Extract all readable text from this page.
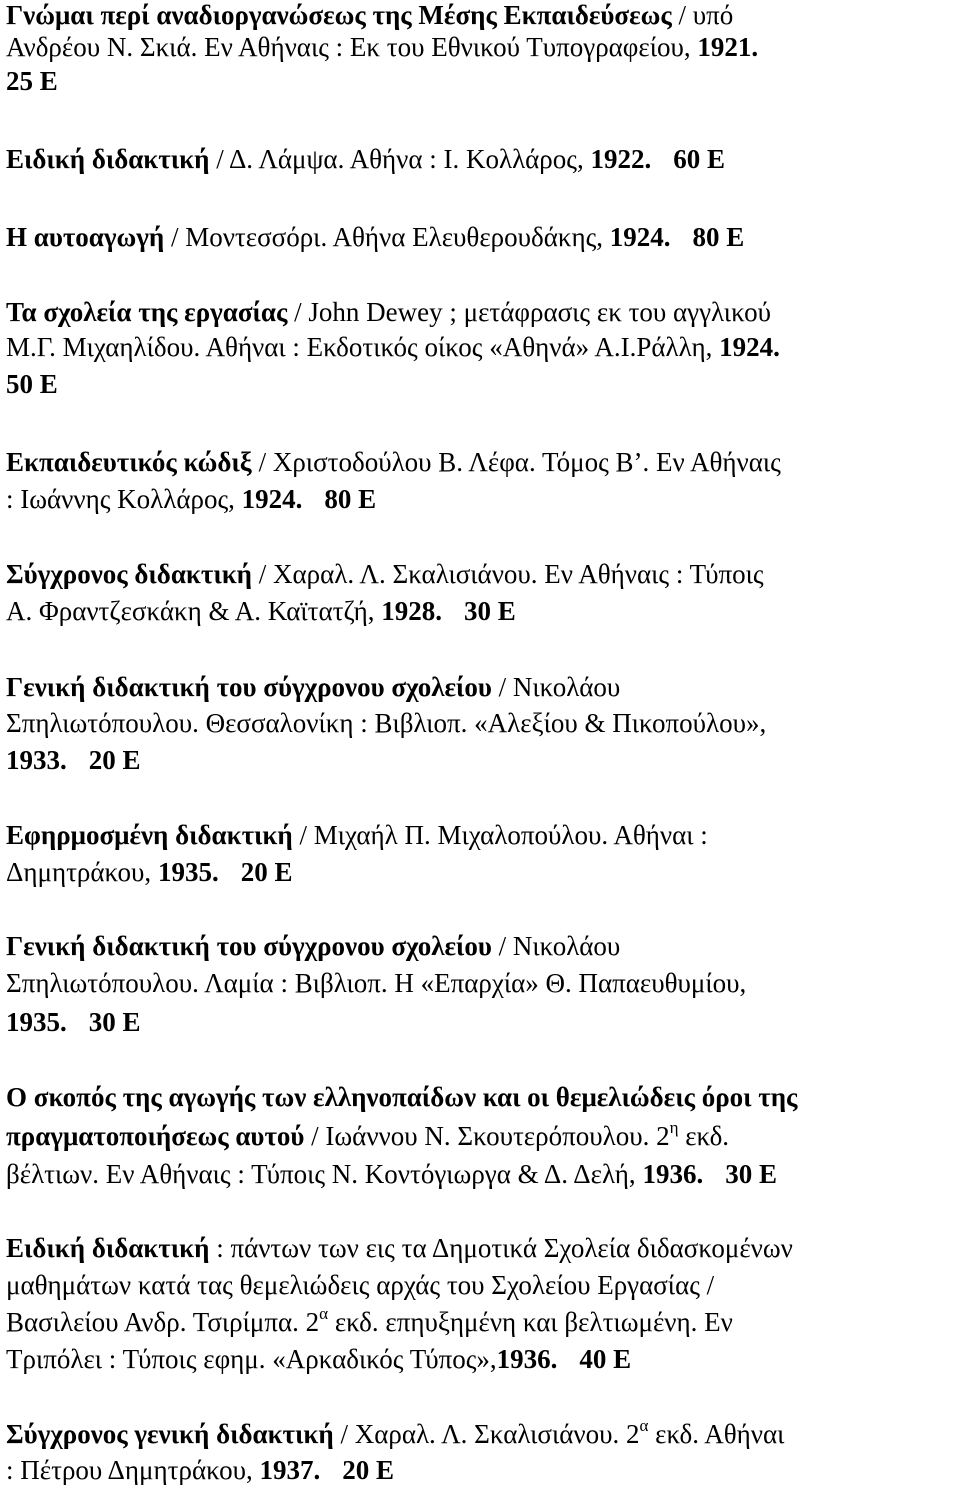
Γνώμαι περί αναδιοργανώσεως της Μέσης Εκπαιδεύσεως / υπό
Ανδρέου Ν. Σκιά. Εν Αθήναις : Εκ του Εθνικού Τυπογραφείου, 1921.
25 Ε
Ειδική διδακτική / Δ. Λάμψα. Αθήνα : Ι. Κολλάρος, 1922. 60 Ε
Η αυτοαγωγή / Μοντεσσόρι. Αθήνα Ελευθερουδάκης, 1924. 80 Ε
Τα σχολεία της εργασίας / John Dewey ; μετάφρασις εκ του αγγλικού
Μ.Γ. Μιχαηλίδου. Αθήναι : Εκδοτικός οίκος «Αθηνά» Α.Ι.Ράλλη, 1924.
50 Ε
Εκπαιδευτικός κώδιξ / Χριστοδούλου Β. Λέφα. Τόμος Β’. Εν Αθήναις
: Ιωάννης Κολλάρος, 1924. 80 Ε
Σύγχρονος διδακτική / Χαραλ. Λ. Σκαλισιάνου. Εν Αθήναις : Τύποις
Α. Φραντζεσκάκη & Α. Καϊτατζή, 1928. 30 Ε
Γενική διδακτική του σύγχρονου σχολείου / Νικολάου
Σπηλιωτόπουλου. Θεσσαλονίκη : Βιβλιοπ. «Αλεξίου & Πικοπούλου»,
1933. 20 Ε
Εφηρμοσμένη διδακτική / Μιχαήλ Π. Μιχαλοπούλου. Αθήναι :
Δημητράκου, 1935. 20 Ε
Γενική διδακτική του σύγχρονου σχολείου / Νικολάου
Σπηλιωτόπουλου. Λαμία : Βιβλιοπ. Η «Επαρχία» Θ. Παπαευθυμίου,
1935. 30 Ε
Ο σκοπός της αγωγής των ελληνοπαίδων και οι θεμελιώδεις όροι της
πραγματοποιήσεως αυτού / Ιωάννου Ν. Σκουτερόπουλου. $2^\eta$ εκδ.
βέλτιων. Εν Αθήναις : Τύποις Ν. Κοντόγιωργα & Δ. Δελή, 1936. 30 Ε
Ειδική διδακτική : πάντων των εις τα Δημοτικά Σχολεία διδασκομένων
μαθημάτων κατά τας θεμελιώδεις αρχάς του Σχολείου Εργασίας /
Βασιλείου Ανδρ. Τσιρίμπα. $2^\alpha$ εκδ. επηυξημένη και βελτιωμένη. Εν
Τριπόλει : Τύποις εφημ. «Αρκαδικός Τύπος»,1936. 40 Ε
Σύγχρονος γενική διδακτική / Χαραλ. Λ. Σκαλισιάνου. $2^\alpha$ εκδ. Αθήναι
: Πέτρου Δημητράκου, 1937. 20 Ε
